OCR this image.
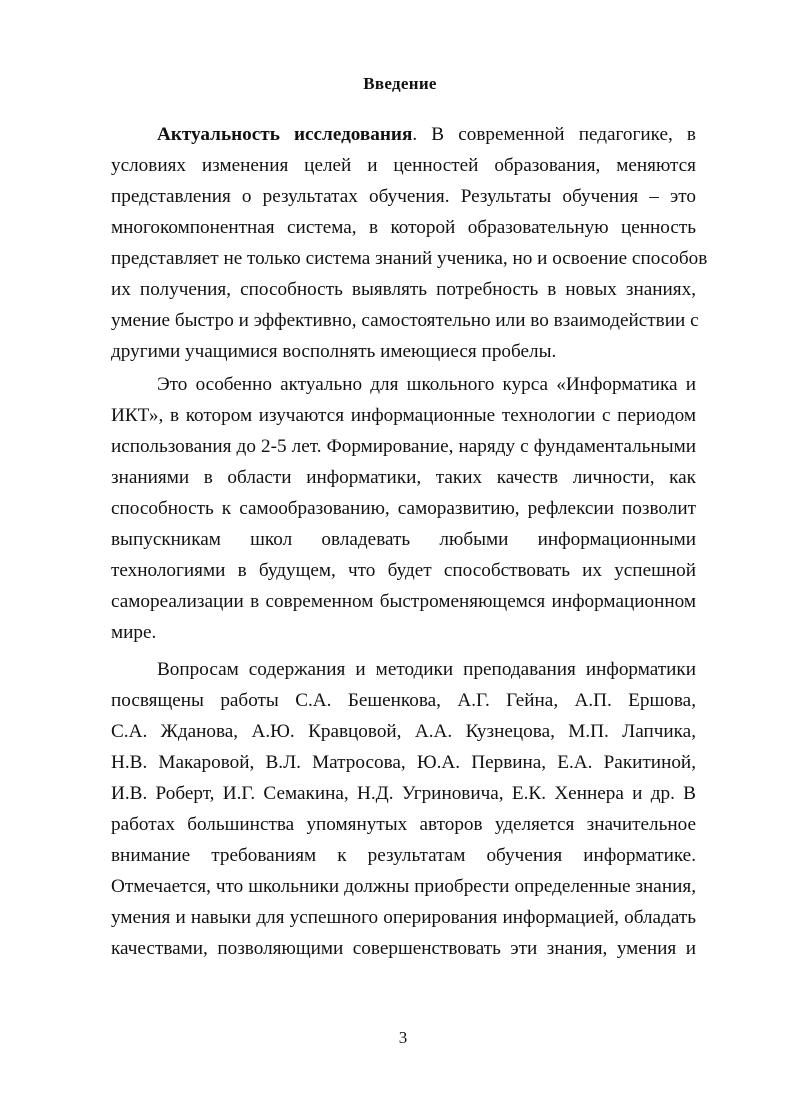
Введение
Актуальность исследования. В современной педагогике, в
условиях изменения целей и ценностей образования, меняются
представления о результатах обучения. Результаты обучения – это
многокомпонентная система, в которой образовательную ценность
представляет не только система знаний ученика, но и освоение способов
их получения, способность выявлять потребность в новых знаниях,
умение быстро и эффективно, самостоятельно или во взаимодействии с
другими учащимися восполнять имеющиеся пробелы.
Это особенно актуально для школьного курса «Информатика и
ИКТ», в котором изучаются информационные технологии с периодом
использования до 2-5 лет. Формирование, наряду с фундаментальными
знаниями в области информатики, таких качеств личности, как
способность к самообразованию, саморазвитию, рефлексии позволит
выпускникам школ овладевать любыми информационными
технологиями в будущем, что будет способствовать их успешной
самореализации в современном быстроменяющемся информационном
мире.
Вопросам содержания и методики преподавания информатики
посвящены работы С.А. Бешенкова, А.Г. Гейна, А.П. Ершова,
С.А. Жданова, А.Ю. Кравцовой, А.А. Кузнецова, М.П. Лапчика,
Н.В. Макаровой, В.Л. Матросова, Ю.А. Первина, Е.А. Ракитиной,
И.В. Роберт, И.Г. Семакина, Н.Д. Угриновича, Е.К. Хеннера и др. В
работах большинства упомянутых авторов уделяется значительное
внимание требованиям к результатам обучения информатике.
Отмечается, что школьники должны приобрести определенные знания,
умения и навыки для успешного оперирования информацией, обладать
качествами, позволяющими совершенствовать эти знания, умения и
3
